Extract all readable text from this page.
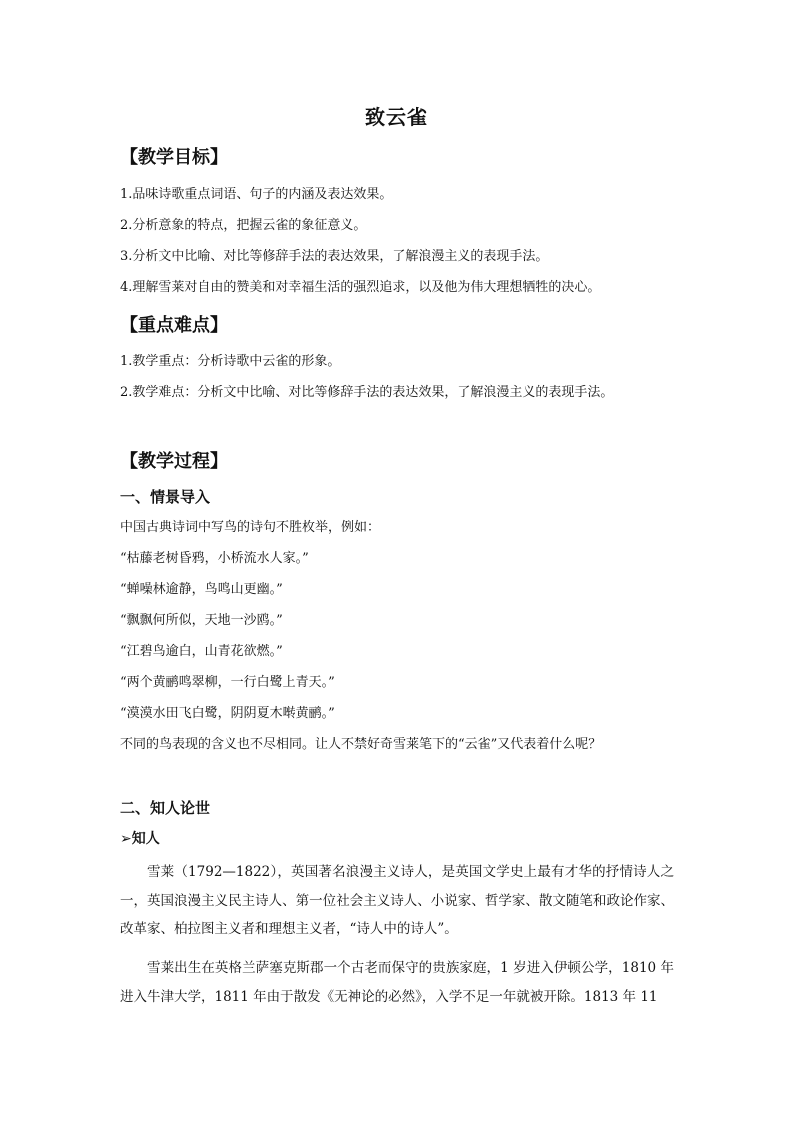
致云雀
【教学目标】
1.品味诗歌重点词语、句子的内涵及表达效果。
2.分析意象的特点，把握云雀的象征意义。
3.分析文中比喻、对比等修辞手法的表达效果，了解浪漫主义的表现手法。
4.理解雪莱对自由的赞美和对幸福生活的强烈追求，以及他为伟大理想牺牲的决心。
【重点难点】
1.教学重点：分析诗歌中云雀的形象。
2.教学难点：分析文中比喻、对比等修辞手法的表达效果，了解浪漫主义的表现手法。
【教学过程】
一、情景导入
中国古典诗词中写鸟的诗句不胜枚举，例如：
“枯藤老树昏鸦，小桥流水人家。”
“蝉噪林逾静，鸟鸣山更幽。”
“飘飘何所似，天地一沙鸥。”
“江碧鸟逾白，山青花欲燃。”
“两个黄鹂鸣翠柳，一行白鹭上青天。”
“漠漠水田飞白鹭，阴阴夏木啭黄鹂。”
不同的鸟表现的含义也不尽相同。让人不禁好奇雪莱笔下的“云雀”又代表着什么呢？
二、知人论世
➢知人
雪莱（1792—1822），英国著名浪漫主义诗人，是英国文学史上最有才华的抒情诗人之一，英国浪漫主义民主诗人、第一位社会主义诗人、小说家、哲学家、散文随笔和政论作家、改革家、柏拉图主义者和理想主义者，“诗人中的诗人”。
雪莱出生在英格兰萨塞克斯郡一个古老而保守的贵族家庭，1 岁进入伊顿公学，1810 年进入牛津大学，1811 年由于散发《无神论的必然》，入学不足一年就被开除。1813 年 11
